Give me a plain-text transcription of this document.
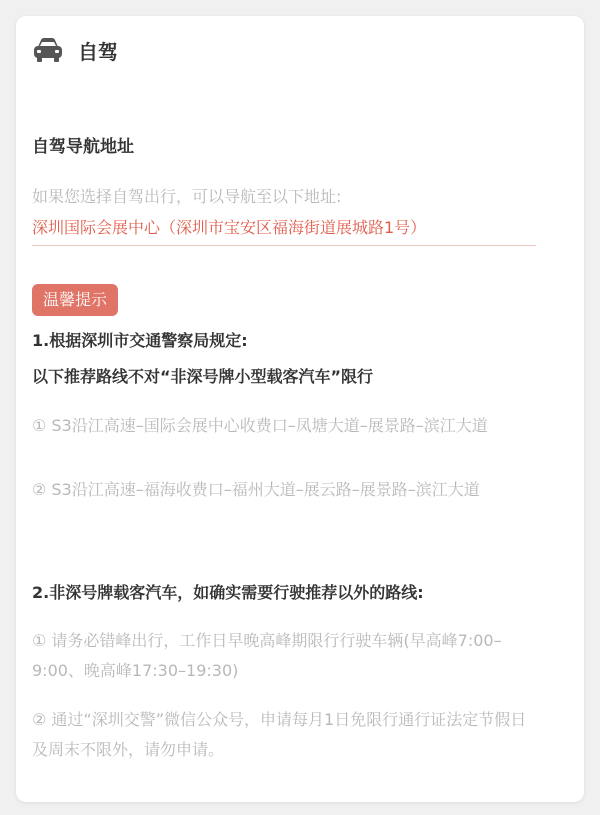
自驾
自驾导航地址
如果您选择自驾出行，可以导航至以下地址:
深圳国际会展中心（深圳市宝安区福海街道展城路1号）
温馨提示
1.根据深圳市交通警察局规定:
以下推荐路线不对“非深号牌小型载客汽车”限行
① S3沿江高速–国际会展中心收费口–凤塘大道–展景路–滨江大道
② S3沿江高速–福海收费口–福州大道–展云路–展景路–滨江大道
2.非深号牌载客汽车，如确实需要行驶推荐以外的路线:
① 请务必错峰出行，工作日早晚高峰期限行行驶车辆(早高峰7:00–9:00、晚高峰17:30–19:30)
② 通过“深圳交警”微信公众号，申请每月1日免限行通行证法定节假日及周末不限外，请勿申请。
